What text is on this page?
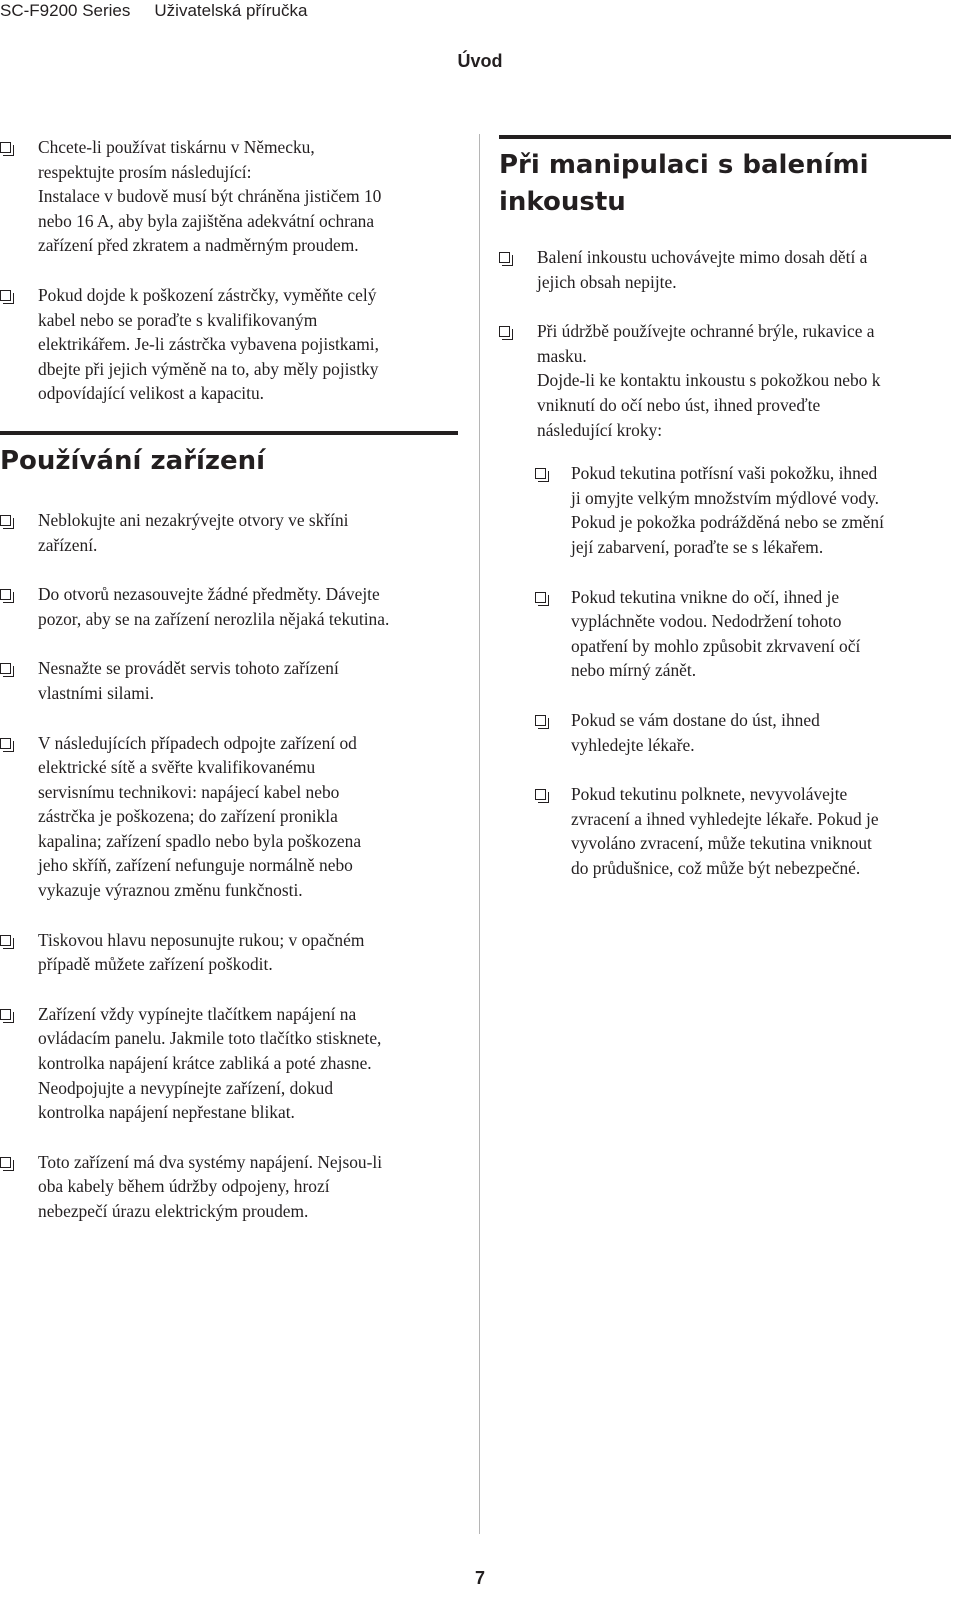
SC-F9200 Series Uživatelská příručka
Úvod
Chcete-li používat tiskárnu v Německu,
respektujte prosím následující:
Instalace v budově musí být chráněna jističem 10
nebo 16 A, aby byla zajištěna adekvátní ochrana
zařízení před zkratem a nadměrným proudem.
Pokud dojde k poškození zástrčky, vyměňte celý
kabel nebo se poraďte s kvalifikovaným
elektrikářem. Je-li zástrčka vybavena pojistkami,
dbejte při jejich výměně na to, aby měly pojistky
odpovídající velikost a kapacitu.
Používání zařízení
Neblokujte ani nezakrývejte otvory ve skříni
zařízení.
Do otvorů nezasouvejte žádné předměty. Dávejte
pozor, aby se na zařízení nerozlila nějaká tekutina.
Nesnažte se provádět servis tohoto zařízení
vlastními silami.
V následujících případech odpojte zařízení od
elektrické sítě a svěřte kvalifikovanému
servisnímu technikovi: napájecí kabel nebo
zástrčka je poškozena; do zařízení pronikla
kapalina; zařízení spadlo nebo byla poškozena
jeho skříň, zařízení nefunguje normálně nebo
vykazuje výraznou změnu funkčnosti.
Tiskovou hlavu neposunujte rukou; v opačném
případě můžete zařízení poškodit.
Zařízení vždy vypínejte tlačítkem napájení na
ovládacím panelu. Jakmile toto tlačítko stisknete,
kontrolka napájení krátce zabliká a poté zhasne.
Neodpojujte a nevypínejte zařízení, dokud
kontrolka napájení nepřestane blikat.
Toto zařízení má dva systémy napájení. Nejsou-li
oba kabely během údržby odpojeny, hrozí
nebezpečí úrazu elektrickým proudem.
Při manipulaci s baleními
inkoustu
Balení inkoustu uchovávejte mimo dosah dětí a
jejich obsah nepijte.
Při údržbě používejte ochranné brýle, rukavice a
masku.
Dojde-li ke kontaktu inkoustu s pokožkou nebo k
vniknutí do očí nebo úst, ihned proveďte
následující kroky:
Pokud tekutina potřísní vaši pokožku, ihned
ji omyjte velkým množstvím mýdlové vody.
Pokud je pokožka podrážděná nebo se změní
její zabarvení, poraďte se s lékařem.
Pokud tekutina vnikne do očí, ihned je
vypláchněte vodou. Nedodržení tohoto
opatření by mohlo způsobit zkrvavení očí
nebo mírný zánět.
Pokud se vám dostane do úst, ihned
vyhledejte lékaře.
Pokud tekutinu polknete, nevyvolávejte
zvracení a ihned vyhledejte lékaře. Pokud je
vyvoláno zvracení, může tekutina vniknout
do průdušnice, což může být nebezpečné.
7
